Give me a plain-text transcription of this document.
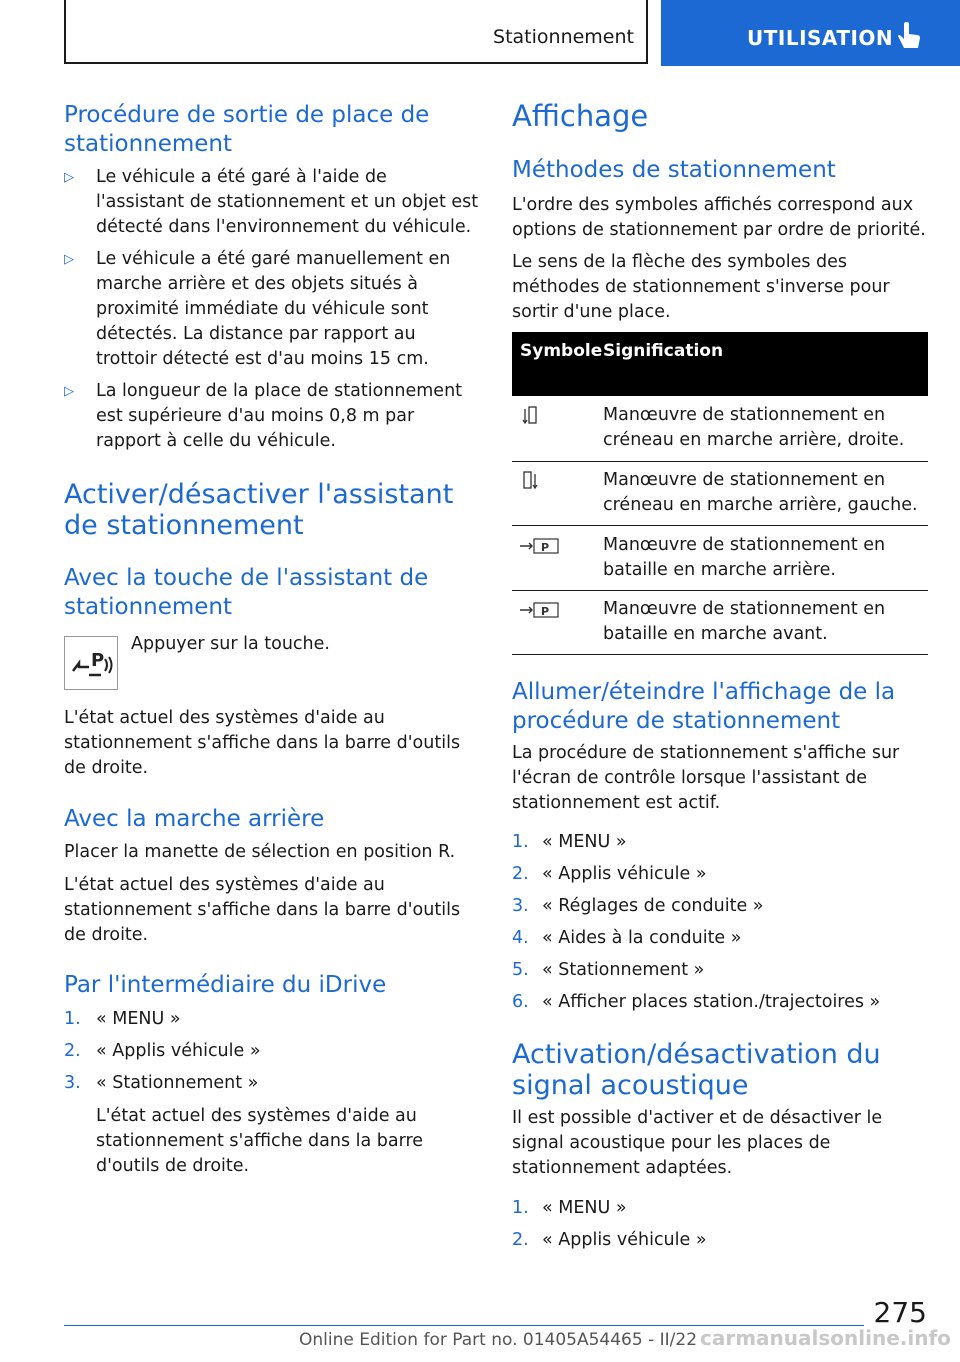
Stationnement	UTILISATION
Procédure de sortie de place de stationnement
▷ Le véhicule a été garé à l'aide de l'assistant de stationnement et un objet est détecté dans l'environnement du véhicule.
▷ Le véhicule a été garé manuellement en marche arrière et des objets situés à proximité immédiate du véhicule sont détectés. La distance par rapport au trottoir détecté est d'au moins 15 cm.
▷ La longueur de la place de stationnement est supérieure d'au moins 0,8 m par rapport à celle du véhicule.
Activer/désactiver l'assistant de stationnement
Avec la touche de l'assistant de stationnement
P
Appuyer sur la touche.
L'état actuel des systèmes d'aide au stationnement s'affiche dans la barre d'outils de droite.
Avec la marche arrière
Placer la manette de sélection en position R.
L'état actuel des systèmes d'aide au stationnement s'affiche dans la barre d'outils de droite.
Par l'intermédiaire du iDrive
1. « MENU »
2. « Applis véhicule »
3. « Stationnement »
L'état actuel des systèmes d'aide au stationnement s'affiche dans la barre d'outils de droite.
Affichage
Méthodes de stationnement
L'ordre des symboles affichés correspond aux options de stationnement par ordre de priorité.
Le sens de la flèche des symboles des méthodes de stationnement s'inverse pour sortir d'une place.
Symbole Signification
Manœuvre de stationnement en créneau en marche arrière, droite.
Manœuvre de stationnement en créneau en marche arrière, gauche.
P	Manœuvre de stationnement en bataille en marche arrière.
P	Manœuvre de stationnement en bataille en marche avant.
Allumer/éteindre l'affichage de la procédure de stationnement
La procédure de stationnement s'affiche sur l'écran de contrôle lorsque l'assistant de stationnement est actif.
1. « MENU »
2. « Applis véhicule »
3. « Réglages de conduite »
4. « Aides à la conduite »
5. « Stationnement »
6. « Afficher places station./trajectoires »
Activation/désactivation du signal acoustique
Il est possible d'activer et de désactiver le signal acoustique pour les places de stationnement adaptées.
1. « MENU »
2. « Applis véhicule »
275
Online Edition for Part no. 01405A54465 - II/22 carmanualsonline.info
